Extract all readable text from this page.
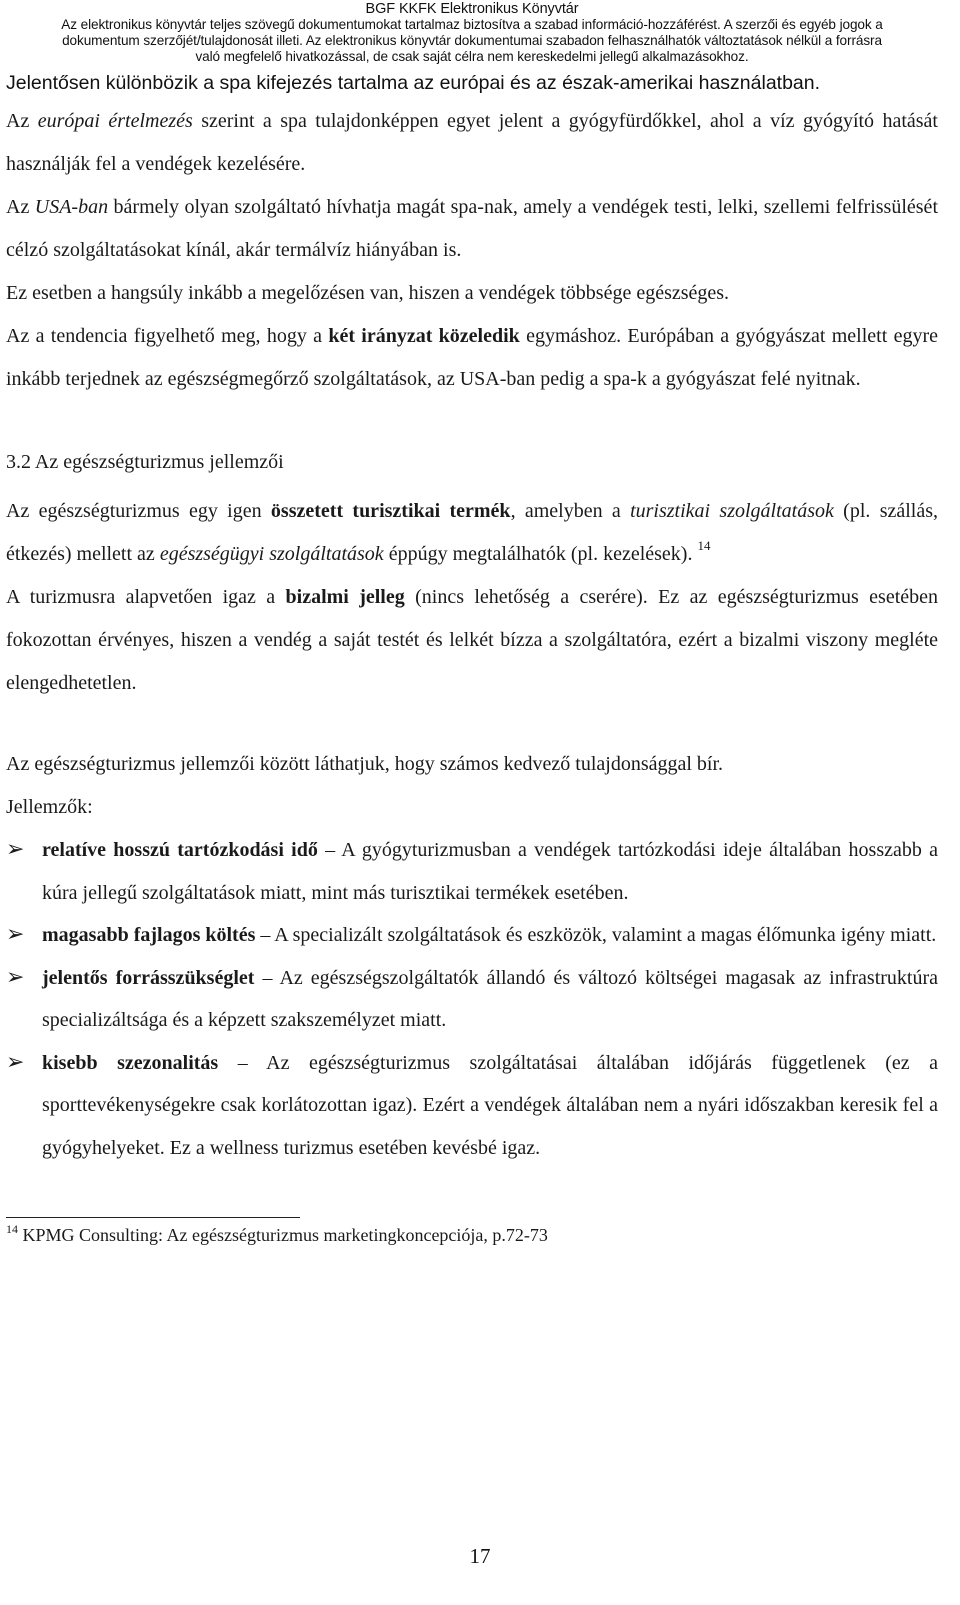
BGF KKFK Elektronikus Könyvtár
Az elektronikus könyvtár teljes szövegű dokumentumokat tartalmaz biztosítva a szabad információ-hozzáférést. A szerzői és egyéb jogok a
dokumentum szerzőjét/tulajdonosát illeti. Az elektronikus könyvtár dokumentumai szabadon felhasználhatók változtatások nélkül a forrásra
való megfelelő hivatkozással, de csak saját célra nem kereskedelmi jellegű alkalmazásokhoz.
Jelentősen különbözik a spa kifejezés tartalma az európai és az észak-amerikai használatban.

Az európai értelmezés szerint a spa tulajdonképpen egyet jelent a gyógyfürdőkkel, ahol a víz gyógyító hatását használják fel a vendégek kezelésére.

Az USA-ban bármely olyan szolgáltató hívhatja magát spa-nak, amely a vendégek testi, lelki, szellemi felfrissülését célzó szolgáltatásokat kínál, akár termálvíz hiányában is.

Ez esetben a hangsúly inkább a megelőzésen van, hiszen a vendégek többsége egészséges.

Az a tendencia figyelhető meg, hogy a két irányzat közeledik egymáshoz. Európában a gyógyászat mellett egyre inkább terjednek az egészségmegőrző szolgáltatások, az USA-ban pedig a spa-k a gyógyászat felé nyitnak.

3.2 Az egészségturizmus jellemzői

Az egészségturizmus egy igen összetett turisztikai termék, amelyben a turisztikai szolgáltatások (pl. szállás, étkezés) mellett az egészségügyi szolgáltatások éppúgy megtalálhatók (pl. kezelések). $^{14}$

A turizmusra alapvetően igaz a bizalmi jelleg (nincs lehetőség a cserére). Ez az egészségturizmus esetében fokozottan érvényes, hiszen a vendég a saját testét és lelkét bízza a szolgáltatóra, ezért a bizalmi viszony megléte elengedhetetlen.

Az egészségturizmus jellemzői között láthatjuk, hogy számos kedvező tulajdonsággal bír.

Jellemzők:

➢ relatíve hosszú tartózkodási idő – A gyógyturizmusban a vendégek tartózkodási ideje általában hosszabb a kúra jellegű szolgáltatások miatt, mint más turisztikai termékek esetében.
➢ magasabb fajlagos költés – A specializált szolgáltatások és eszközök, valamint a magas élőmunka igény miatt.
➢ jelentős forrásszükséglet – Az egészségszolgáltatók állandó és változó költségei magasak az infrastruktúra specializáltsága és a képzett szakszemélyzet miatt.
➢ kisebb szezonalitás – Az egészségturizmus szolgáltatásai általában időjárás függetlenek (ez a sporttevékenységekre csak korlátozottan igaz). Ezért a vendégek általában nem a nyári időszakban keresik fel a gyógyhelyeket. Ez a wellness turizmus esetében kevésbé igaz.

$^{14}$ KPMG Consulting: Az egészségturizmus marketingkoncepciója, p.72-73

17
